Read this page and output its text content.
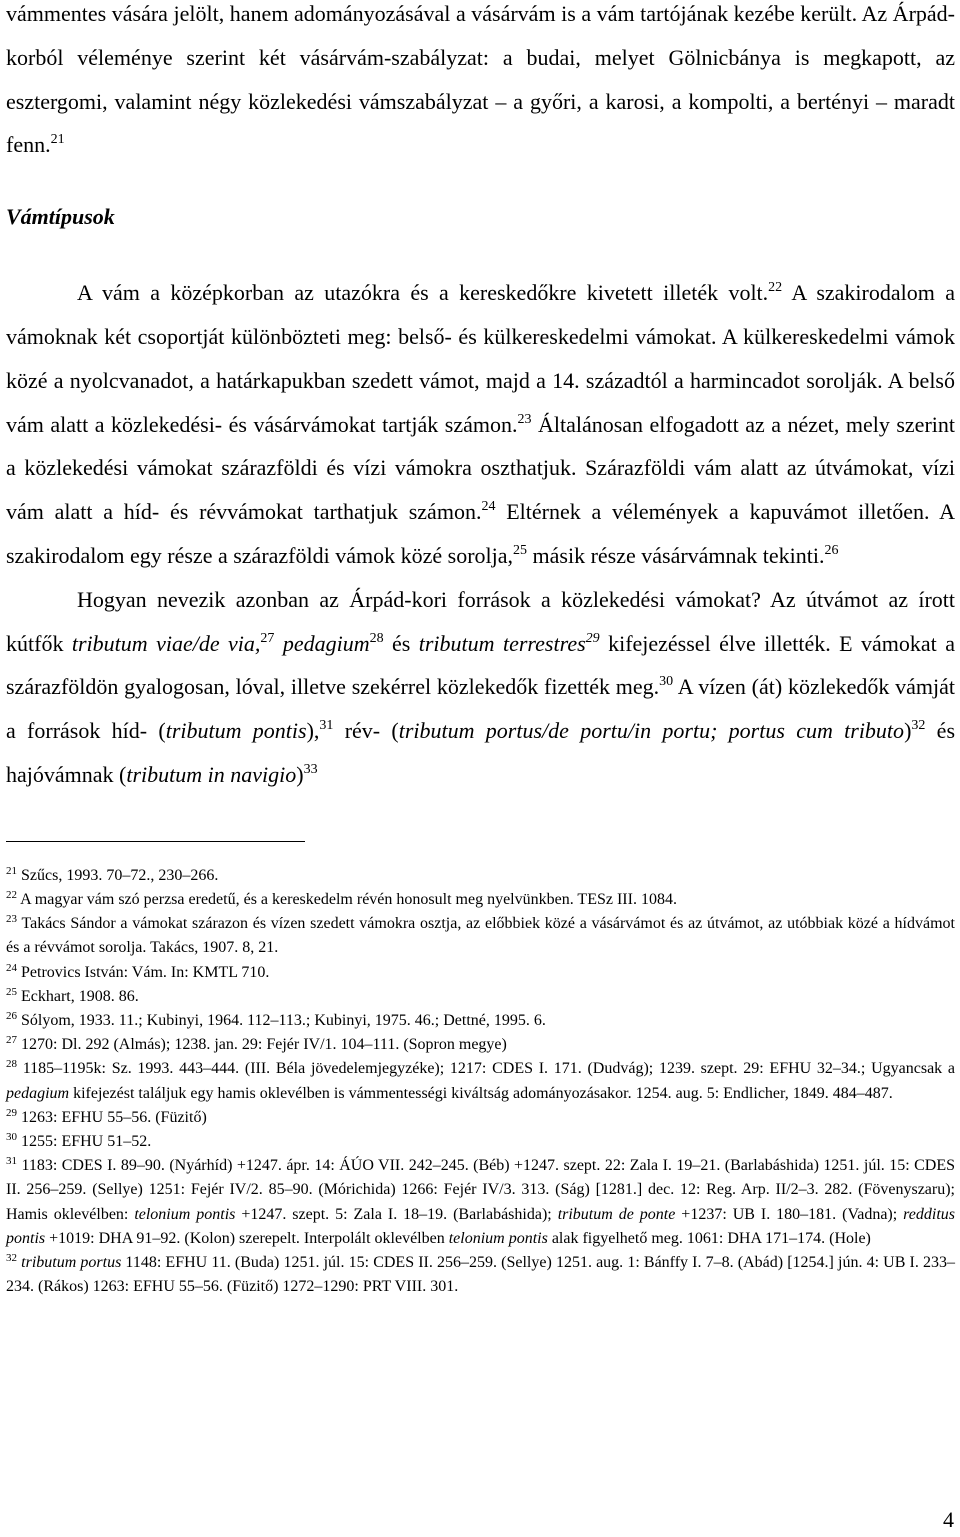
vámmentes vására jelölt, hanem adományozásával a vásárvám is a vám tartójának kezébe került. Az Árpád-korból véleménye szerint két vásárvám-szabályzat: a budai, melyet Gölnicbánya is megkapott, az esztergomi, valamint négy közlekedési vámszabályzat – a győri, a karosi, a kompolti, a bertényi – maradt fenn.$^{21}$

Vámtípusok

A vám a középkorban az utazókra és a kereskedőkre kivetett illeték volt.$^{22}$ A szakirodalom a vámoknak két csoportját különbözteti meg: belső- és külkereskedelmi vámokat. A külkereskedelmi vámok közé a nyolcvanadot, a határkapukban szedett vámot, majd a 14. századtól a harmincadot sorolják. A belső vám alatt a közlekedési- és vásárvámokat tartják számon.$^{23}$ Általánosan elfogadott az a nézet, mely szerint a közlekedési vámokat szárazföldi és vízi vámokra oszthatjuk. Szárazföldi vám alatt az útvámokat, vízi vám alatt a híd- és révvámokat tarthatjuk számon.$^{24}$ Eltérnek a vélemények a kapuvámot illetően. A szakirodalom egy része a szárazföldi vámok közé sorolja,$^{25}$ másik része vásárvámnak tekinti.$^{26}$

Hogyan nevezik azonban az Árpád-kori források a közlekedési vámokat? Az útvámot az írott kútfők tributum viae/de via,$^{27}$ pedagium$^{28}$ és tributum terrestres$^{29}$ kifejezéssel élve illették. E vámokat a szárazföldön gyalogosan, lóval, illetve szekérrel közlekedők fizették meg.$^{30}$ A vízen (át) közlekedők vámját a források híd- (tributum pontis),$^{31}$ rév- (tributum portus/de portu/in portu; portus cum tributo)$^{32}$ és hajóvámnak (tributum in navigio)$^{33}$

$^{21}$ Szűcs, 1993. 70–72., 230–266.

$^{22}$ A magyar vám szó perzsa eredetű, és a kereskedelm révén honosult meg nyelvünkben. TESz III. 1084.

$^{23}$ Takács Sándor a vámokat szárazon és vízen szedett vámokra osztja, az előbbiek közé a vásárvámot és az útvámot, az utóbbiak közé a hídvámot és a révvámot sorolja. Takács, 1907. 8, 21.

$^{24}$ Petrovics István: Vám. In: KMTL 710.

$^{25}$ Eckhart, 1908. 86.

$^{26}$ Sólyom, 1933. 11.; Kubinyi, 1964. 112–113.; Kubinyi, 1975. 46.; Dettné, 1995. 6.

$^{27}$ 1270: Dl. 292 (Almás); 1238. jan. 29: Fejér IV/1. 104–111. (Sopron megye)

$^{28}$ 1185–1195k: Sz. 1993. 443–444. (III. Béla jövedelemjegyzéke); 1217: CDES I. 171. (Dudvág); 1239. szept. 29: EFHU 32–34.; Ugyancsak a pedagium kifejezést találjuk egy hamis oklevélben is vámmentességi kiváltság adományozásakor. 1254. aug. 5: Endlicher, 1849. 484–487.

$^{29}$ 1263: EFHU 55–56. (Füzitő)

$^{30}$ 1255: EFHU 51–52.

$^{31}$ 1183: CDES I. 89–90. (Nyárhíd) +1247. ápr. 14: ÁÚO VII. 242–245. (Béb) +1247. szept. 22: Zala I. 19–21. (Barlabáshida) 1251. júl. 15: CDES II. 256–259. (Sellye) 1251: Fejér IV/2. 85–90. (Mórichida) 1266: Fejér IV/3. 313. (Ság) [1281.] dec. 12: Reg. Arp. II/2–3. 282. (Fövenyszaru); Hamis oklevélben: telonium pontis +1247. szept. 5: Zala I. 18–19. (Barlabáshida); tributum de ponte +1237: UB I. 180–181. (Vadna); redditus pontis +1019: DHA 91–92. (Kolon) szerepelt. Interpolált oklevélben telonium pontis alak figyelhető meg. 1061: DHA 171–174. (Hole)

$^{32}$ tributum portus 1148: EFHU 11. (Buda) 1251. júl. 15: CDES II. 256–259. (Sellye) 1251. aug. 1: Bánffy I. 7–8. (Abád) [1254.] jún. 4: UB I. 233–234. (Rákos) 1263: EFHU 55–56. (Füzitő) 1272–1290: PRT VIII. 301.

4
